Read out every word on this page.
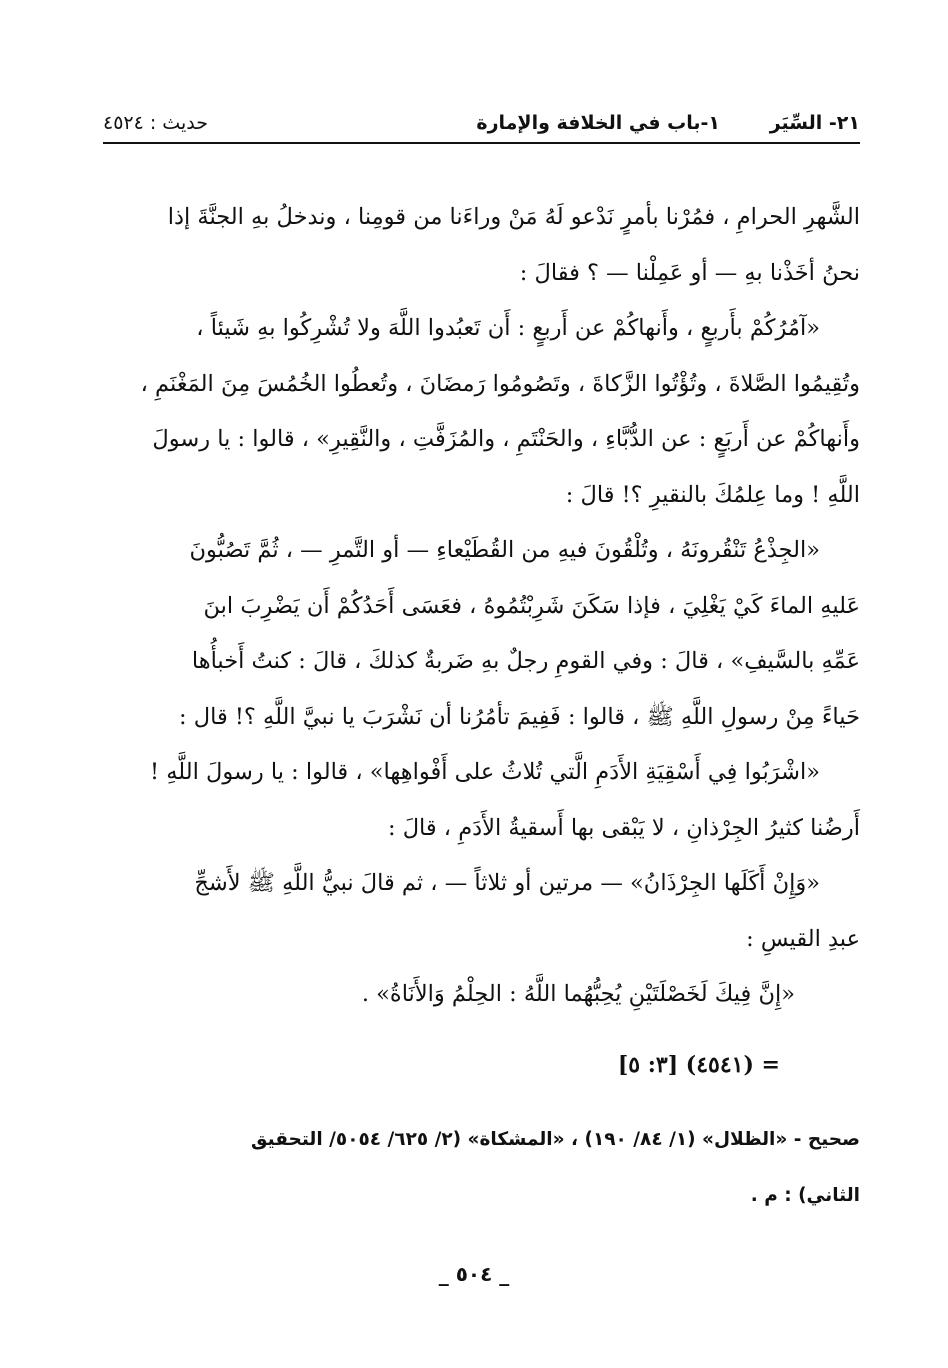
٢١- السِّيَر
١-باب في الخلافة والإمارة
حديث : ٤٥٢٤

الشَّهرِ الحرامِ ، فمُرْنا بأمرٍ نَدْعو لَهُ مَنْ وراءَنا من قومِنا ، وندخلُ بهِ الجنَّةَ إذا

نحنُ أخَذْنا بهِ — أو عَمِلْنا — ؟ فقالَ :

«آمُرُكُمْ بأَربعٍ ، وأَنهاكُمْ عن أَربعٍ : أَن تَعبُدوا اللَّهَ ولا تُشْرِكُوا بهِ شَيئاً ،

وتُقِيمُوا الصَّلاةَ ، وتُؤْتُوا الزَّكاةَ ، وتَصُومُوا رَمضَانَ ، وتُعطُوا الخُمُسَ مِنَ المَغْنَمِ ،

وأَنهاكُمْ عن أَربَعٍ : عن الدُّبَّاءِ ، والحَنْتَمِ ، والمُزَفَّتِ ، والنَّقِيرِ» ، قالوا : يا رسولَ

اللَّهِ ! وما عِلمُكَ بالنقيرِ ؟! قالَ :

«الجِذْعُ تَنْقُرونَهُ ، وتُلْقُونَ فيهِ من القُطَيْعاءِ — أو التَّمرِ — ، ثُمَّ تَصُبُّونَ

عَليهِ الماءَ كَيْ يَغْلِيَ ، فإذا سَكَنَ شَرِبْتُمُوهُ ، فعَسَى أَحَدُكُمْ أَن يَضْرِبَ ابنَ

عَمِّهِ بالسَّيفِ» ، قالَ : وفي القومِ رجلٌ بهِ ضَربةٌ كذلكَ ، قالَ : كنتُ أَخبأُها

حَياءً مِنْ رسولِ اللَّهِ ﷺ ، قالوا : فَفِيمَ تأمُرُنا أن نَشْرَبَ يا نبيَّ اللَّهِ ؟! قال :

«اشْرَبُوا فِي أَسْقِيَةِ الأَدَمِ الَّتي تُلاثُ على أَفْواهِها» ، قالوا : يا رسولَ اللَّهِ !

أَرضُنا كثيرُ الجِرْذانِ ، لا يَبْقى بها أَسقيةُ الأَدَمِ ، قالَ :

«وَإِنْ أَكَلَها الجِرْذَانُ» — مرتين أو ثلاثاً — ، ثم قالَ نبيُّ اللَّهِ ﷺ لأَشجِّ

عبدِ القيسِ :

«إِنَّ فِيكَ لَخَصْلَتَيْنِ يُحِبُّهُما اللَّهُ : الحِلْمُ وَالأَنَاةُ» .

= (٤٥٤١) [٣: ٥]

صحيح - «الظلال» (١/ ٨٤/ ١٩٠) ، «المشكاة» (٢/ ٦٢٥/ ٥٠٥٤/ التحقيق

الثاني) : م .

_ ٥٠٤ _
